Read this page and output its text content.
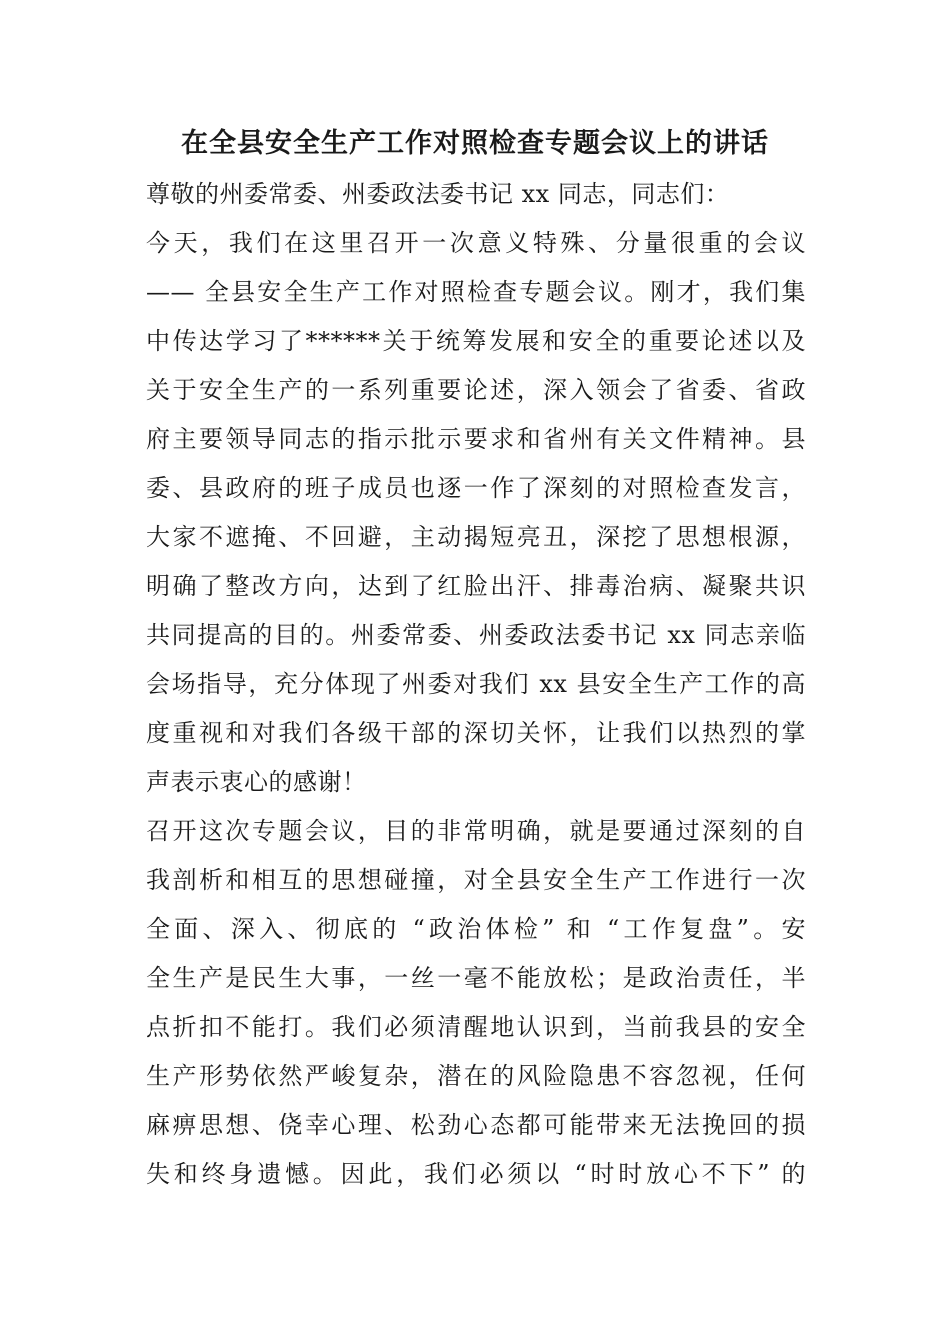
在全县安全生产工作对照检查专题会议上的讲话
尊敬的州委常委、州委政法委书记 xx 同志，同志们：
今天，我们在这里召开一次意义特殊、分量很重的会议
—— 全县安全生产工作对照检查专题会议。刚才，我们集
中传达学习了******关于统筹发展和安全的重要论述以及
关于安全生产的一系列重要论述，深入领会了省委、省政
府主要领导同志的指示批示要求和省州有关文件精神。县
委、县政府的班子成员也逐一作了深刻的对照检查发言，
大家不遮掩、不回避，主动揭短亮丑，深挖了思想根源，
明确了整改方向，达到了红脸出汗、排毒治病、凝聚共识
共同提高的目的。州委常委、州委政法委书记 xx 同志亲临
会场指导，充分体现了州委对我们 xx 县安全生产工作的高
度重视和对我们各级干部的深切关怀，让我们以热烈的掌
声表示衷心的感谢！
召开这次专题会议，目的非常明确，就是要通过深刻的自
我剖析和相互的思想碰撞，对全县安全生产工作进行一次
全面、深入、彻底的 “政治体检” 和 “工作复盘”。安
全生产是民生大事，一丝一毫不能放松；是政治责任，半
点折扣不能打。我们必须清醒地认识到，当前我县的安全
生产形势依然严峻复杂，潜在的风险隐患不容忽视，任何
麻痹思想、侥幸心理、松劲心态都可能带来无法挽回的损
失和终身遗憾。因此，我们必须以 “时时放心不下” 的
